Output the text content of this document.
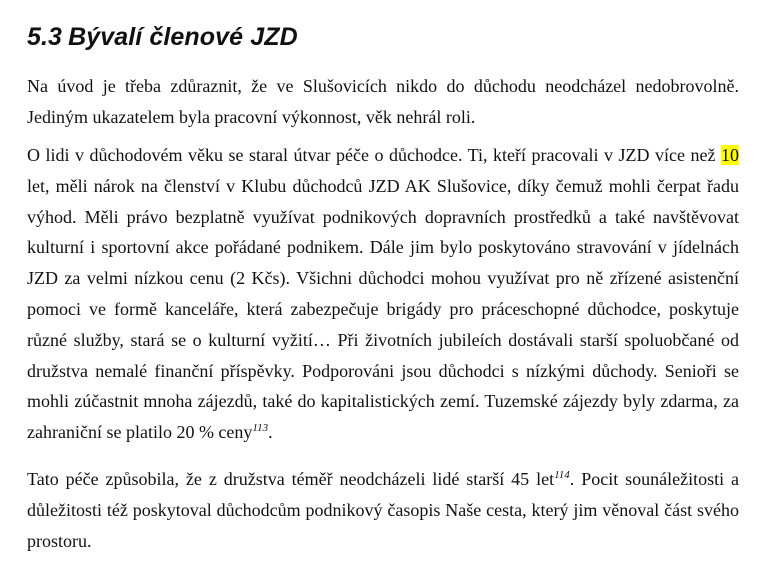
5.3 Bývalí členové JZD

Na úvod je třeba zdůraznit, že ve Slušovicích nikdo do důchodu neodcházel nedobrovolně. Jediným ukazatelem byla pracovní výkonnost, věk nehrál roli.

O lidi v důchodovém věku se staral útvar péče o důchodce. Ti, kteří pracovali v JZD více než 10 let, měli nárok na členství v Klubu důchodců JZD AK Slušovice, díky čemuž mohli čerpat řadu výhod. Měli právo bezplatně využívat podnikových dopravních prostředků a také navštěvovat kulturní i sportovní akce pořádané podnikem. Dále jim bylo poskytováno stravování v jídelnách JZD za velmi nízkou cenu (2 Kčs). Všichni důchodci mohou využívat pro ně zřízené asistenční pomoci ve formě kanceláře, která zabezpečuje brigády pro práceschopné důchodce, poskytuje různé služby, stará se o kulturní vyžití… Při životních jubileích dostávali starší spoluobčané od družstva nemalé finanční příspěvky. Podporováni jsou důchodci s nízkými důchody. Senioři se mohli zúčastnit mnoha zájezdů, také do kapitalistických zemí. Tuzemské zájezdy byly zdarma, za zahraniční se platilo 20 % ceny$^{113}$.

Tato péče způsobila, že z družstva téměř neodcházeli lidé starší 45 let$^{114}$. Pocit sounáležitosti a důležitosti též poskytoval důchodcům podnikový časopis Naše cesta, který jim věnoval část svého prostoru.
